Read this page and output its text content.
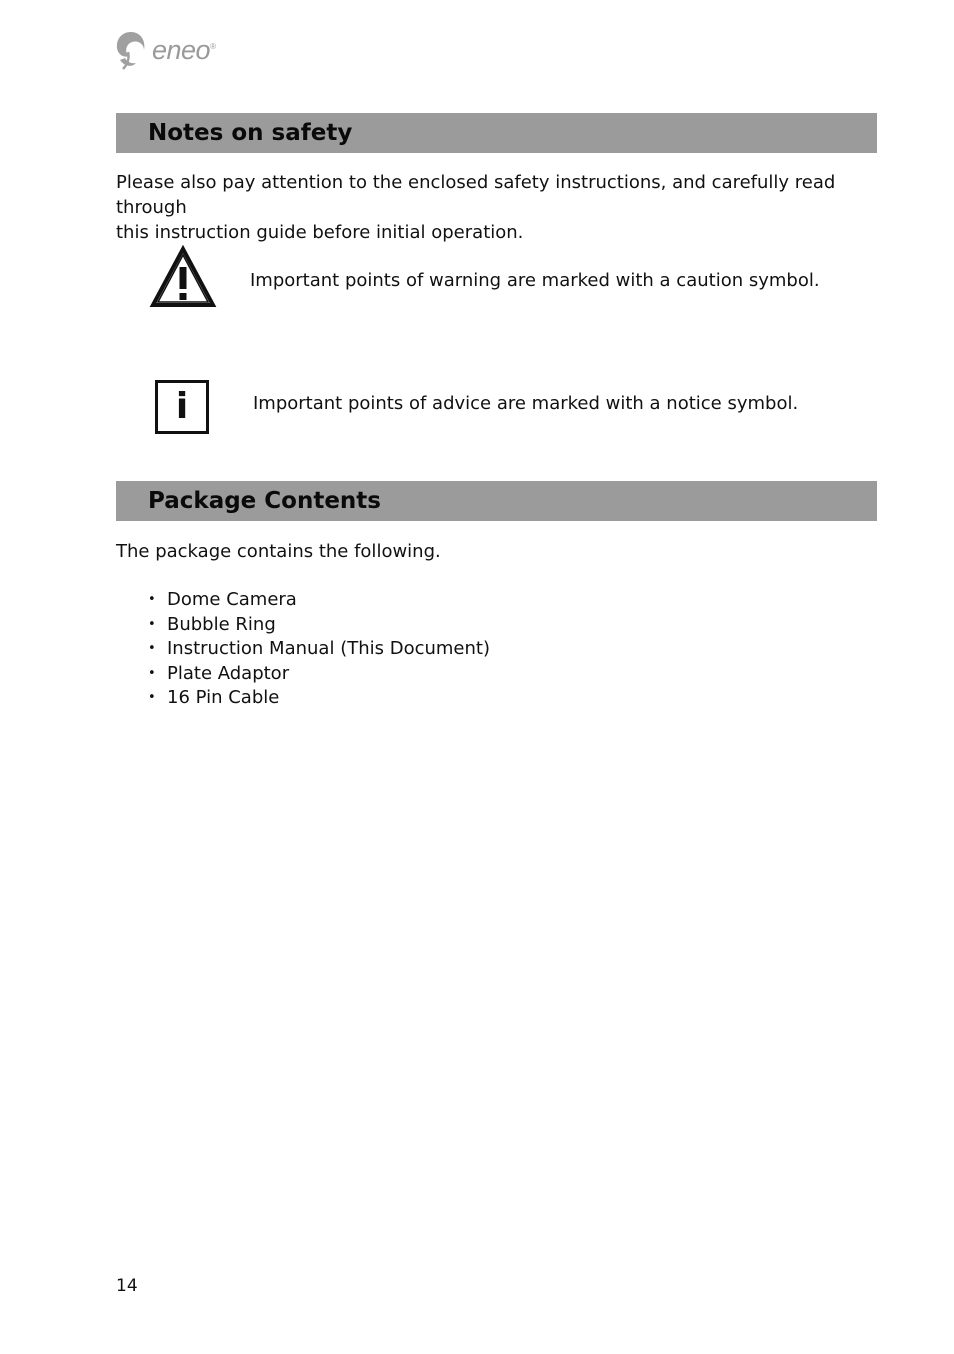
eneo®
Notes on safety

Please also pay attention to the enclosed safety instructions, and carefully read through
this instruction guide before initial operation.

Important points of warning are marked with a caution symbol.
i	Important points of advice are marked with a notice symbol.
Package Contents

The package contains the following.

• Dome Camera
• Bubble Ring
• Instruction Manual (This Document)
• Plate Adaptor
• 16 Pin Cable
14
